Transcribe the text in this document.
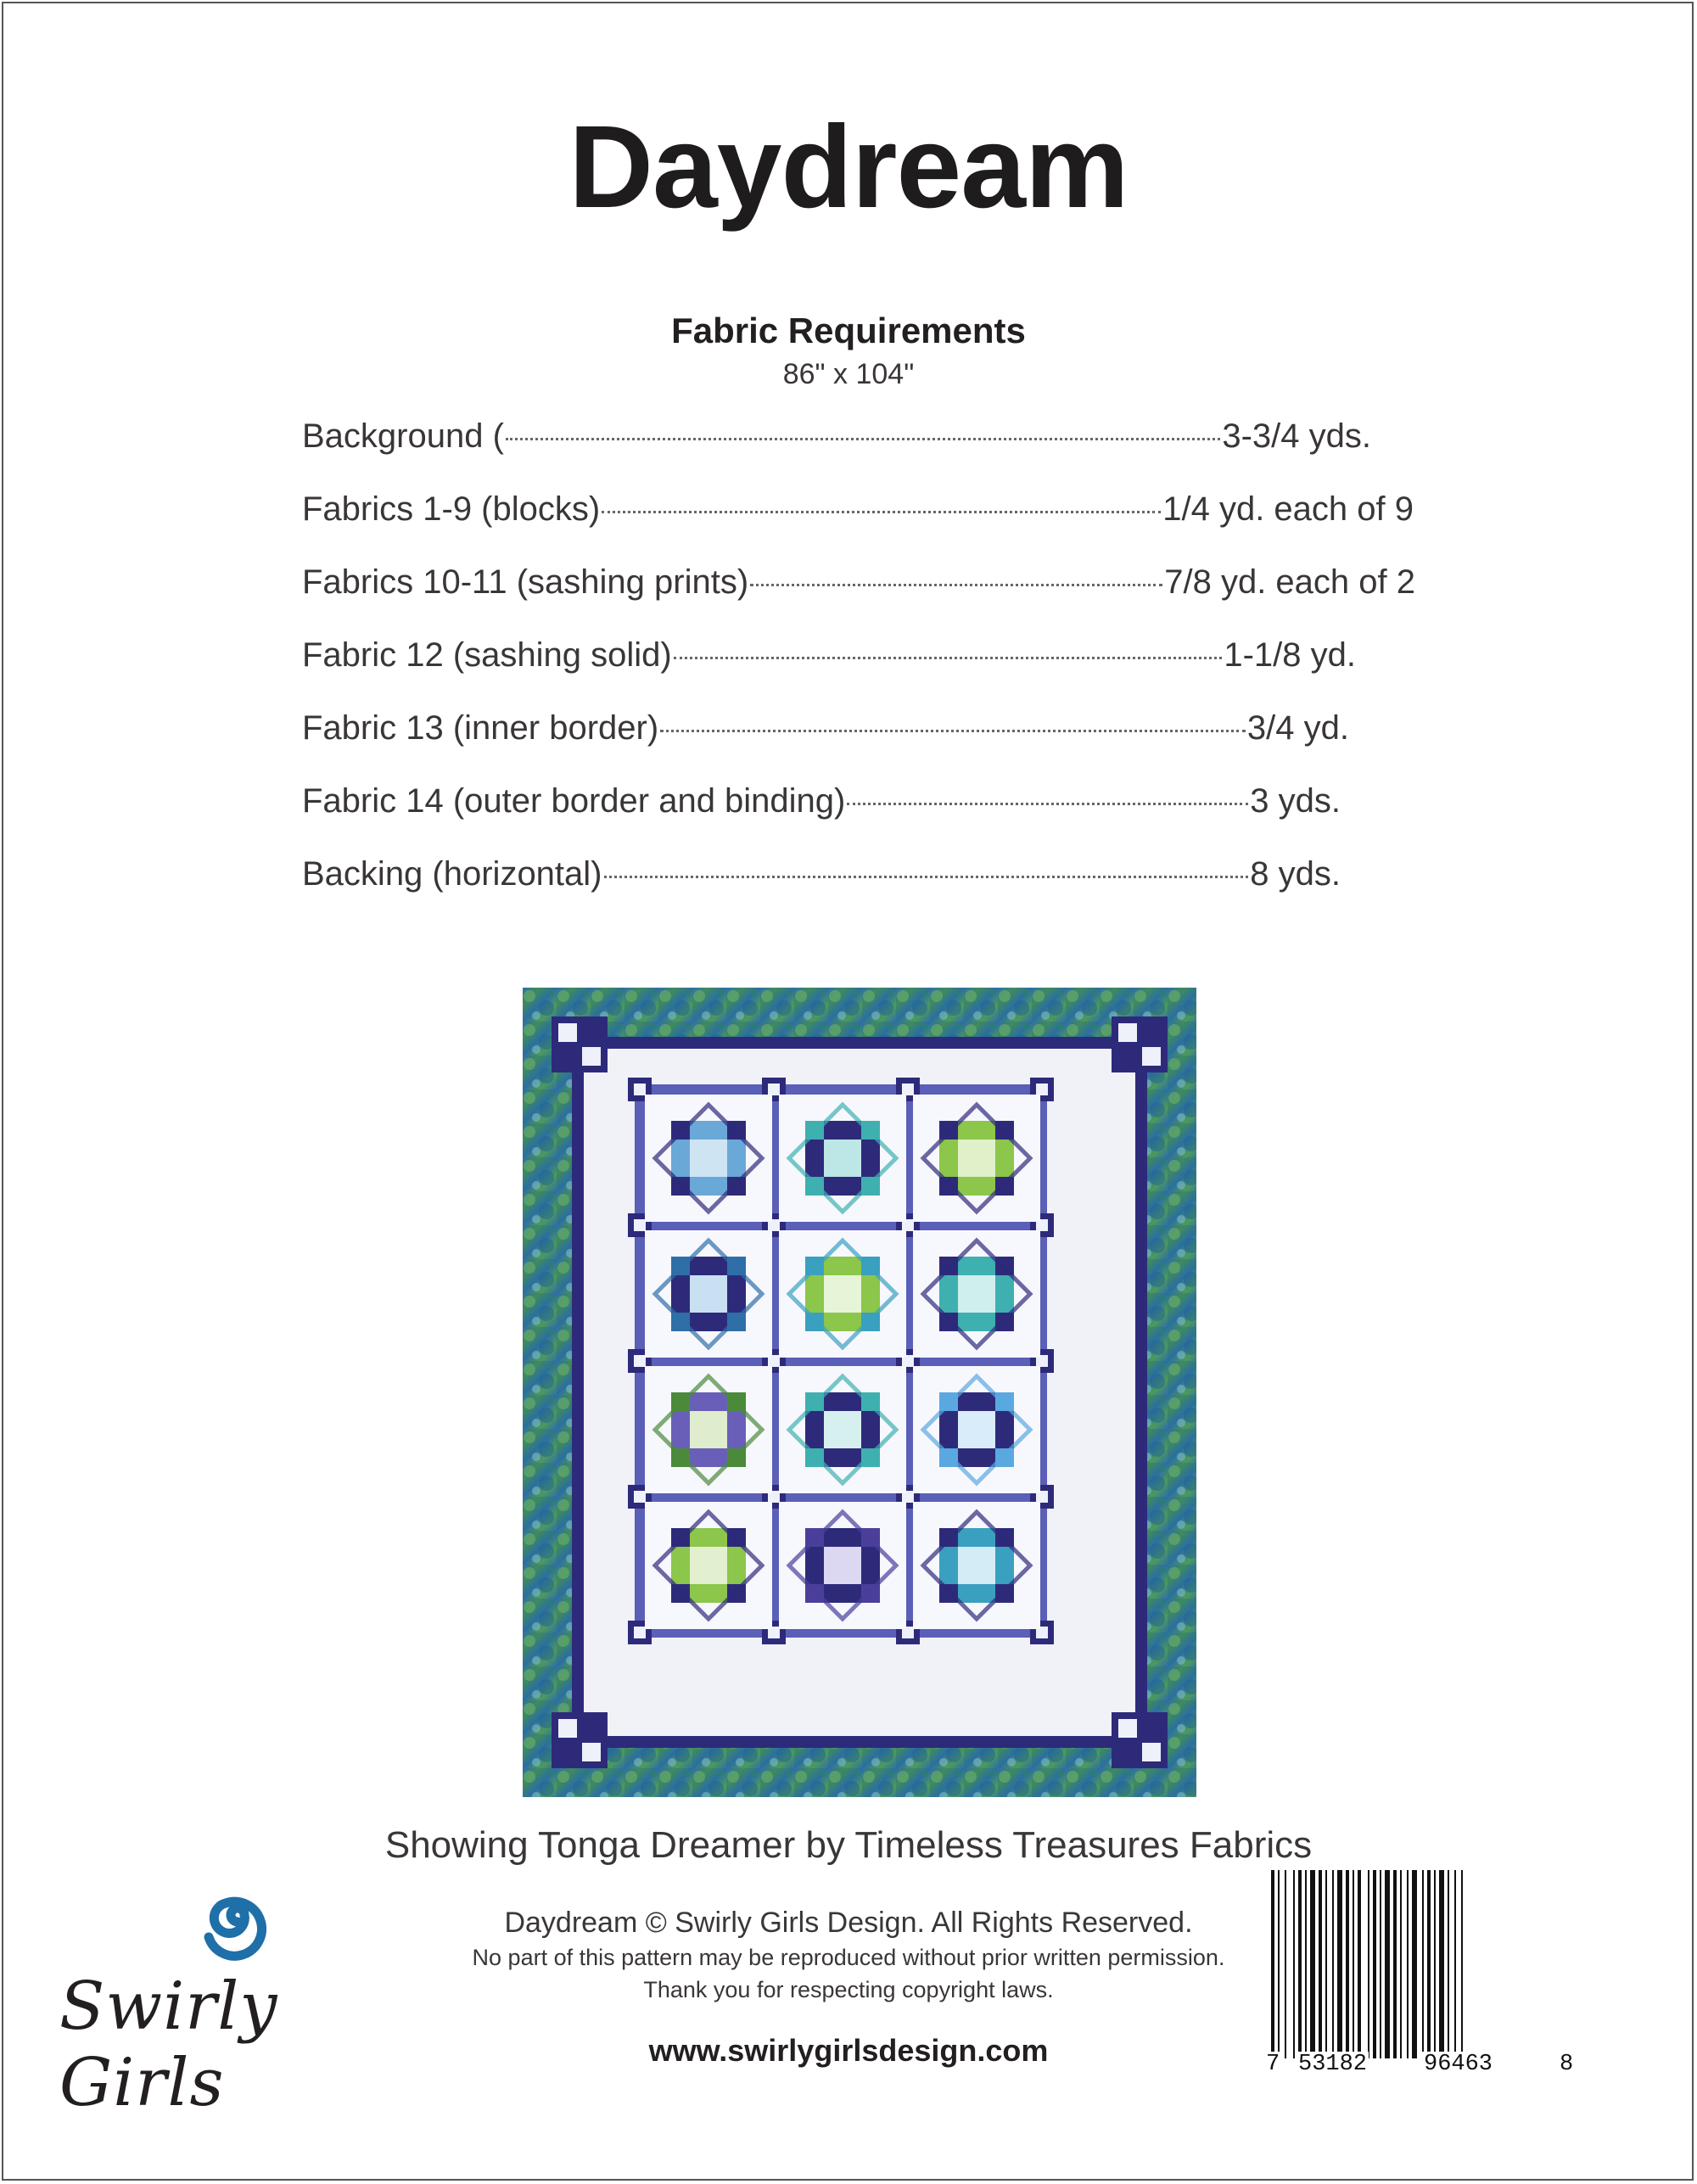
Daydream
Fabric Requirements
86" x 104"
Background (	3-3/4 yds.
Fabrics 1-9 (blocks)	1/4 yd. each of 9
Fabrics 10-11 (sashing prints)	7/8 yd. each of 2
Fabric 12 (sashing solid)	1-1/8 yd.
Fabric 13 (inner border)	3/4 yd.
Fabric 14 (outer border and binding)	3 yds.
Backing (horizontal)	8 yds.
Showing Tonga Dreamer by Timeless Treasures Fabrics
Swirly Girls
Daydream © Swirly Girls Design. All Rights Reserved.
No part of this pattern may be reproduced without prior written permission.
Thank you for respecting copyright laws.
www.swirlygirlsdesign.com	7 53182 96463	8
